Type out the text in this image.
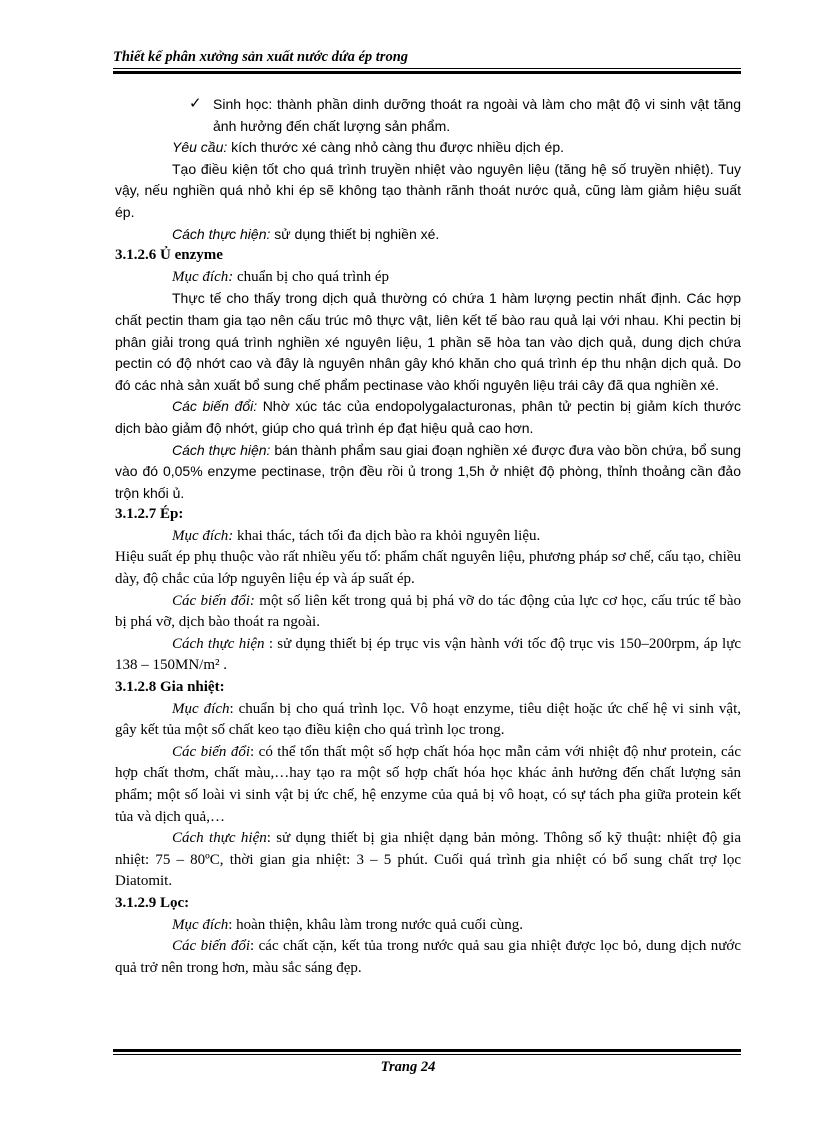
Thiết kế phân xưởng sản xuất nước dứa ép trong
✓ Sinh học: thành phần dinh dưỡng thoát ra ngoài và làm cho mật độ vi sinh vật tăng ảnh hưởng đến chất lượng sản phẩm.

Yêu cầu: kích thước xé càng nhỏ càng thu được nhiều dịch ép.

Tạo điều kiện tốt cho quá trình truyền nhiệt vào nguyên liệu (tăng hệ số truyền nhiệt). Tuy vậy, nếu nghiền quá nhỏ khi ép sẽ không tạo thành rãnh thoát nước quả, cũng làm giảm hiệu suất ép.

Cách thực hiện: sử dụng thiết bị nghiền xé.

3.1.2.6 Ủ enzyme

Mục đích: chuẩn bị cho quá trình ép

Thực tế cho thấy trong dịch quả thường có chứa 1 hàm lượng pectin nhất định. Các hợp chất pectin tham gia tạo nên cấu trúc mô thực vật, liên kết tế bào rau quả lại với nhau. Khi pectin bị phân giải trong quá trình nghiền xé nguyên liệu, 1 phần sẽ hòa tan vào dịch quả, dung dịch chứa pectin có độ nhớt cao và đây là nguyên nhân gây khó khăn cho quá trình ép thu nhận dịch quả. Do đó các nhà sản xuất bổ sung chế phẩm pectinase vào khối nguyên liệu trái cây đã qua nghiền xé.

Các biến đổi: Nhờ xúc tác của endopolygalacturonas, phân tử pectin bị giảm kích thước dịch bào giảm độ nhớt, giúp cho quá trình ép đạt hiệu quả cao hơn.

Cách thực hiện: bán thành phẩm sau giai đoạn nghiền xé được đưa vào bồn chứa, bổ sung vào đó 0,05% enzyme pectinase, trộn đều rồi ủ trong 1,5h ở nhiệt độ phòng, thỉnh thoảng cần đảo trộn khối ủ.

3.1.2.7 Ép:

Mục đích: khai thác, tách tối đa dịch bào ra khỏi nguyên liệu.

Hiệu suất ép phụ thuộc vào rất nhiều yếu tố: phẩm chất nguyên liệu, phương pháp sơ chế, cấu tạo, chiều dày, độ chắc của lớp nguyên liệu ép và áp suất ép.

Các biến đổi: một số liên kết trong quả bị phá vỡ do tác động của lực cơ học, cấu trúc tế bào bị phá vỡ, dịch bào thoát ra ngoài.

Cách thực hiện : sử dụng thiết bị ép trục vis vận hành với tốc độ trục vis 150–200rpm, áp lực 138 – 150MN/m² .

3.1.2.8 Gia nhiệt:

Mục đích: chuẩn bị cho quá trình lọc. Vô hoạt enzyme, tiêu diệt hoặc ức chế hệ vi sinh vật, gây kết tủa một số chất keo tạo điều kiện cho quá trình lọc trong.

Các biến đổi: có thể tổn thất một số hợp chất hóa học mẫn cảm với nhiệt độ như protein, các hợp chất thơm, chất màu,…hay tạo ra một số hợp chất hóa học khác ảnh hưởng đến chất lượng sản phẩm; một số loài vi sinh vật bị ức chế, hệ enzyme của quả bị vô hoạt, có sự tách pha giữa protein kết tủa và dịch quả,…

Cách thực hiện: sử dụng thiết bị gia nhiệt dạng bản mỏng. Thông số kỹ thuật: nhiệt độ gia nhiệt: 75 – 80ºC, thời gian gia nhiệt: 3 – 5 phút. Cuối quá trình gia nhiệt có bổ sung chất trợ lọc Diatomit.

3.1.2.9 Lọc:

Mục đích: hoàn thiện, khâu làm trong nước quả cuối cùng.

Các biến đổi: các chất cặn, kết tủa trong nước quả sau gia nhiệt được lọc bỏ, dung dịch nước quả trở nên trong hơn, màu sắc sáng đẹp.

Trang 24
